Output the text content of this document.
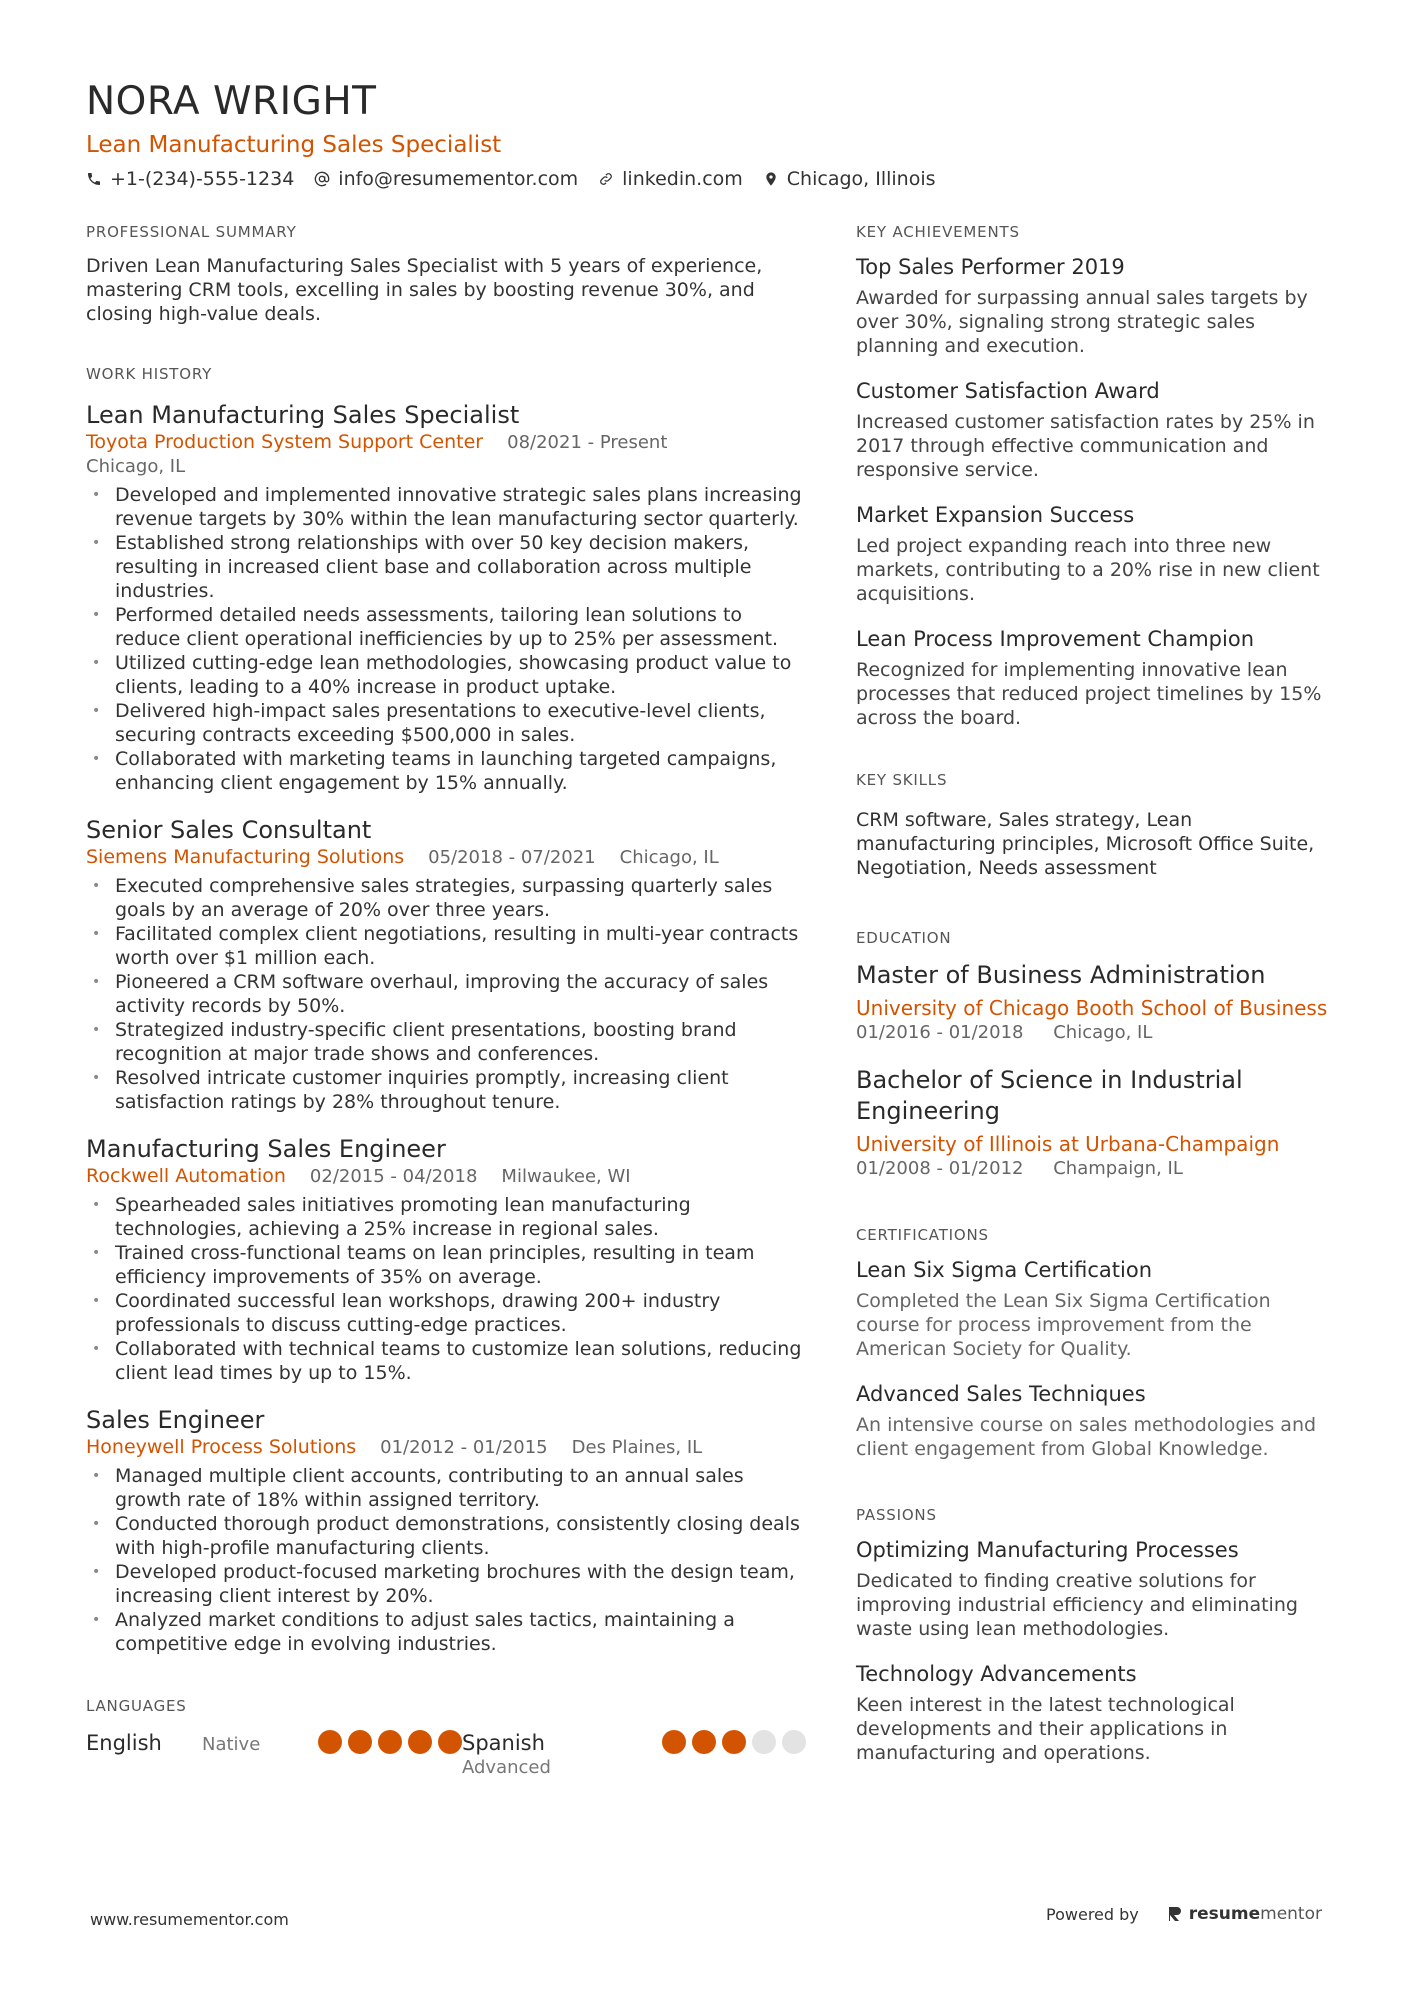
NORA WRIGHT
Lean Manufacturing Sales Specialist
+1-(234)-555-1234 info@resumementor.com linkedin.com Chicago, Illinois
PROFESSIONAL SUMMARY
Driven Lean Manufacturing Sales Specialist with 5 years of experience, mastering CRM tools, excelling in sales by boosting revenue 30%, and closing high-value deals.
WORK HISTORY
Lean Manufacturing Sales Specialist
Toyota Production System Support Center 08/2021 - Present
Chicago, IL
• Developed and implemented innovative strategic sales plans increasing revenue targets by 30% within the lean manufacturing sector quarterly.
• Established strong relationships with over 50 key decision makers, resulting in increased client base and collaboration across multiple industries.
• Performed detailed needs assessments, tailoring lean solutions to reduce client operational inefficiencies by up to 25% per assessment.
• Utilized cutting-edge lean methodologies, showcasing product value to clients, leading to a 40% increase in product uptake.
• Delivered high-impact sales presentations to executive-level clients, securing contracts exceeding $500,000 in sales.
• Collaborated with marketing teams in launching targeted campaigns, enhancing client engagement by 15% annually.
Senior Sales Consultant
Siemens Manufacturing Solutions 05/2018 - 07/2021 Chicago, IL
• Executed comprehensive sales strategies, surpassing quarterly sales goals by an average of 20% over three years.
• Facilitated complex client negotiations, resulting in multi-year contracts worth over $1 million each.
• Pioneered a CRM software overhaul, improving the accuracy of sales activity records by 50%.
• Strategized industry-specific client presentations, boosting brand recognition at major trade shows and conferences.
• Resolved intricate customer inquiries promptly, increasing client satisfaction ratings by 28% throughout tenure.
Manufacturing Sales Engineer
Rockwell Automation 02/2015 - 04/2018 Milwaukee, WI
• Spearheaded sales initiatives promoting lean manufacturing technologies, achieving a 25% increase in regional sales.
• Trained cross-functional teams on lean principles, resulting in team efficiency improvements of 35% on average.
• Coordinated successful lean workshops, drawing 200+ industry professionals to discuss cutting-edge practices.
• Collaborated with technical teams to customize lean solutions, reducing client lead times by up to 15%.
Sales Engineer
Honeywell Process Solutions 01/2012 - 01/2015 Des Plaines, IL
• Managed multiple client accounts, contributing to an annual sales growth rate of 18% within assigned territory.
• Conducted thorough product demonstrations, consistently closing deals with high-profile manufacturing clients.
• Developed product-focused marketing brochures with the design team, increasing client interest by 20%.
• Analyzed market conditions to adjust sales tactics, maintaining a competitive edge in evolving industries.
LANGUAGES
English	Native	Spanish
Advanced
KEY ACHIEVEMENTS
Top Sales Performer 2019
Awarded for surpassing annual sales targets by over 30%, signaling strong strategic sales planning and execution.
Customer Satisfaction Award
Increased customer satisfaction rates by 25% in 2017 through effective communication and responsive service.
Market Expansion Success
Led project expanding reach into three new markets, contributing to a 20% rise in new client acquisitions.
Lean Process Improvement Champion
Recognized for implementing innovative lean processes that reduced project timelines by 15% across the board.
KEY SKILLS
CRM software, Sales strategy, Lean manufacturing principles, Microsoft Office Suite, Negotiation, Needs assessment
EDUCATION
Master of Business Administration
University of Chicago Booth School of Business
01/2016 - 01/2018 Chicago, IL
Bachelor of Science in Industrial Engineering
University of Illinois at Urbana-Champaign
01/2008 - 01/2012 Champaign, IL
CERTIFICATIONS
Lean Six Sigma Certification
Completed the Lean Six Sigma Certification course for process improvement from the American Society for Quality.
Advanced Sales Techniques
An intensive course on sales methodologies and client engagement from Global Knowledge.
PASSIONS
Optimizing Manufacturing Processes
Dedicated to finding creative solutions for improving industrial efficiency and eliminating waste using lean methodologies.
Technology Advancements
Keen interest in the latest technological developments and their applications in manufacturing and operations.
www.resumementor.com	Powered by	resume mentor
